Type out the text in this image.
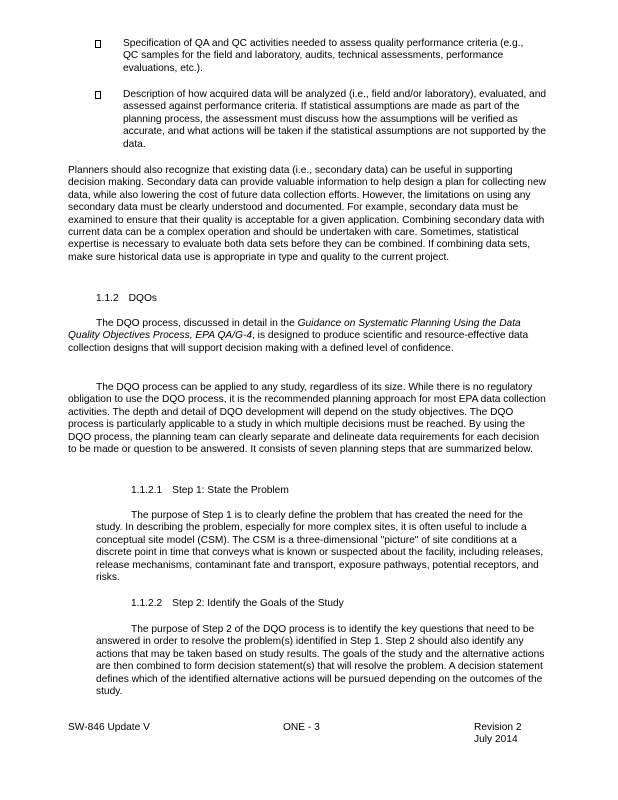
Specification of QA and QC activities needed to assess quality performance criteria (e.g., QC samples for the field and laboratory, audits, technical assessments, performance evaluations, etc.).
Description of how acquired data will be analyzed (i.e., field and/or laboratory), evaluated, and assessed against performance criteria. If statistical assumptions are made as part of the planning process, the assessment must discuss how the assumptions will be verified as accurate, and what actions will be taken if the statistical assumptions are not supported by the data.
Planners should also recognize that existing data (i.e., secondary data) can be useful in supporting decision making. Secondary data can provide valuable information to help design a plan for collecting new data, while also lowering the cost of future data collection efforts. However, the limitations on using any secondary data must be clearly understood and documented. For example, secondary data must be examined to ensure that their quality is acceptable for a given application. Combining secondary data with current data can be a complex operation and should be undertaken with care. Sometimes, statistical expertise is necessary to evaluate both data sets before they can be combined. If combining data sets, make sure historical data use is appropriate in type and quality to the current project.
1.1.2 DQOs
The DQO process, discussed in detail in the Guidance on Systematic Planning Using the Data Quality Objectives Process, EPA QA/G-4, is designed to produce scientific and resource-effective data collection designs that will support decision making with a defined level of confidence.
The DQO process can be applied to any study, regardless of its size. While there is no regulatory obligation to use the DQO process, it is the recommended planning approach for most EPA data collection activities. The depth and detail of DQO development will depend on the study objectives. The DQO process is particularly applicable to a study in which multiple decisions must be reached. By using the DQO process, the planning team can clearly separate and delineate data requirements for each decision to be made or question to be answered. It consists of seven planning steps that are summarized below.
1.1.2.1 Step 1: State the Problem
The purpose of Step 1 is to clearly define the problem that has created the need for the study. In describing the problem, especially for more complex sites, it is often useful to include a conceptual site model (CSM). The CSM is a three-dimensional "picture" of site conditions at a discrete point in time that conveys what is known or suspected about the facility, including releases, release mechanisms, contaminant fate and transport, exposure pathways, potential receptors, and risks.
1.1.2.2 Step 2: Identify the Goals of the Study
The purpose of Step 2 of the DQO process is to identify the key questions that need to be answered in order to resolve the problem(s) identified in Step 1. Step 2 should also identify any actions that may be taken based on study results. The goals of the study and the alternative actions are then combined to form decision statement(s) that will resolve the problem. A decision statement defines which of the identified alternative actions will be pursued depending on the outcomes of the study.
SW-846 Update V	ONE - 3	Revision 2
July 2014
